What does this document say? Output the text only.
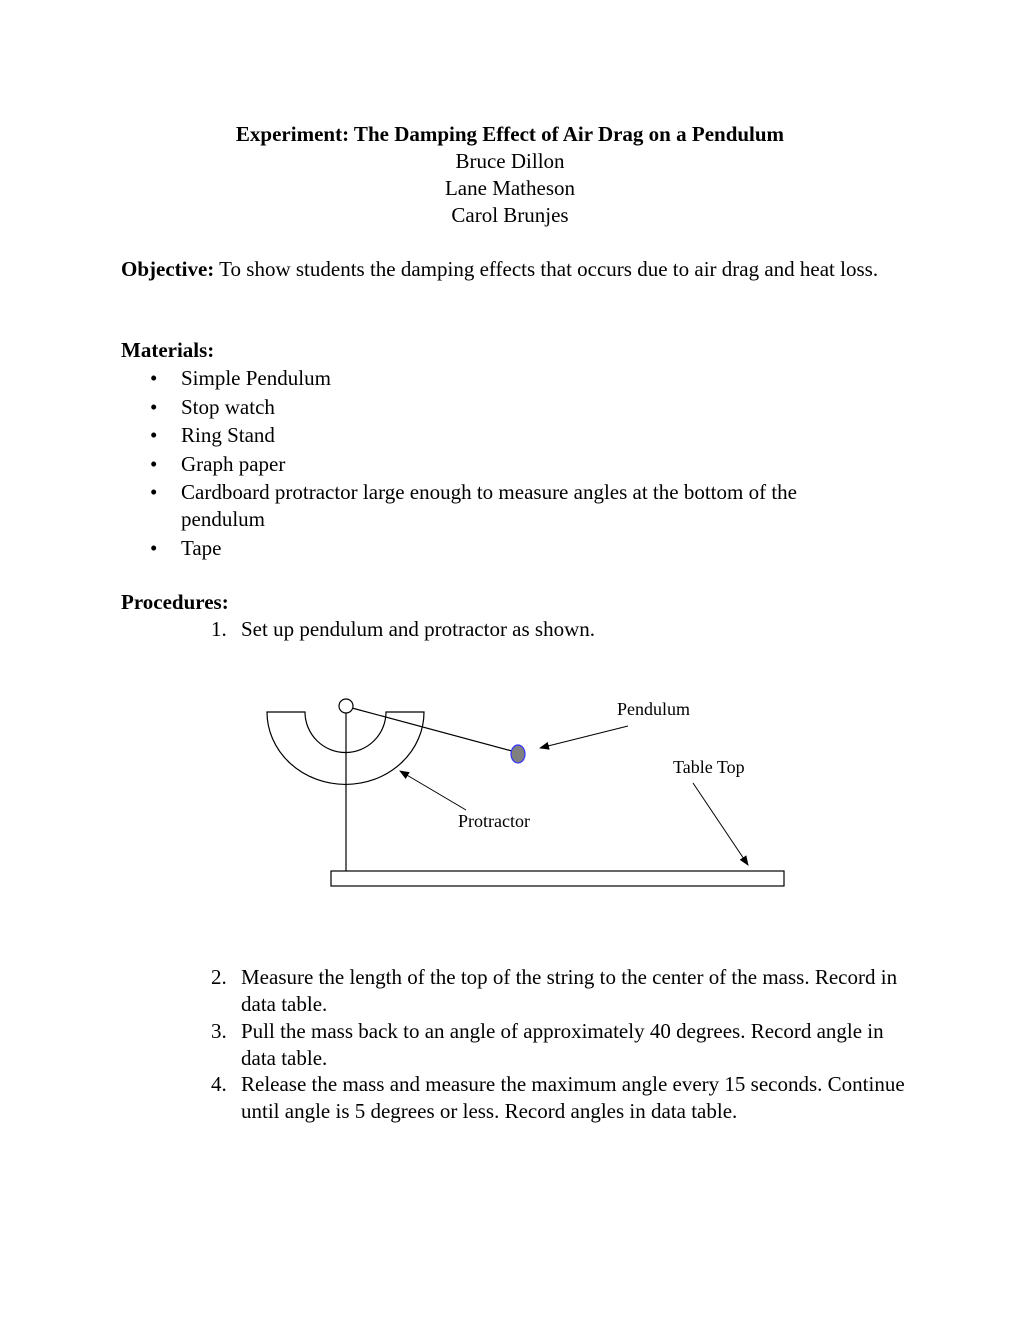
Experiment: The Damping Effect of Air Drag on a Pendulum
Bruce Dillon
Lane Matheson
Carol Brunjes
Objective: To show students the damping effects that occurs due to air drag and heat loss.
Materials:
• Simple Pendulum
• Stop watch
• Ring Stand
• Graph paper
• Cardboard protractor large enough to measure angles at the bottom of the pendulum
• Tape
Procedures:
1. Set up pendulum and protractor as shown.
Pendulum
Table Top
Protractor
2. Measure the length of the top of the string to the center of the mass. Record in data table.
3. Pull the mass back to an angle of approximately 40 degrees. Record angle in data table.
4. Release the mass and measure the maximum angle every 15 seconds. Continue until angle is 5 degrees or less. Record angles in data table.
